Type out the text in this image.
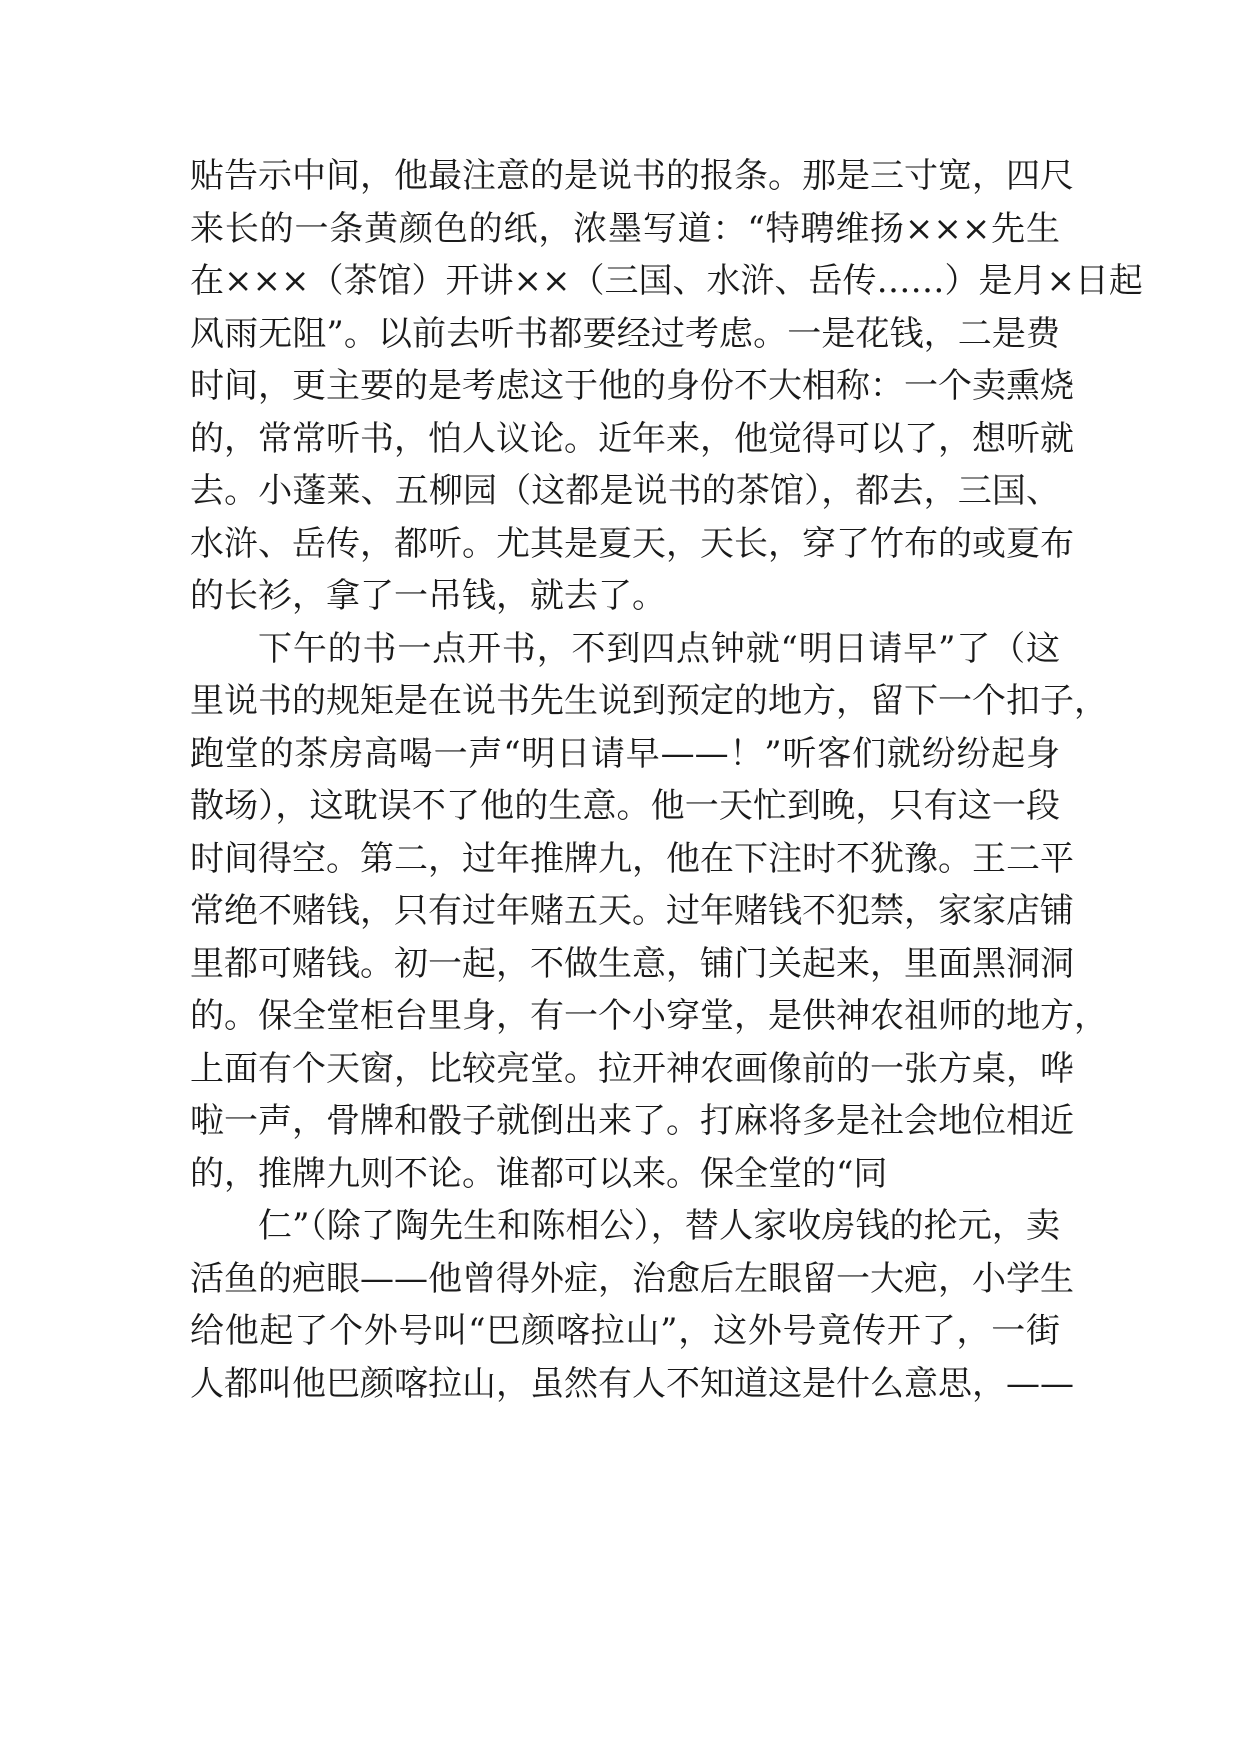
贴告示中间，他最注意的是说书的报条。那是三寸宽，四尺
来长的一条黄颜色的纸，浓墨写道：“特聘维扬×××先生
在×××（茶馆）开讲××（三国、水浒、岳传……）是月×日起
风雨无阻”。以前去听书都要经过考虑。一是花钱，二是费
时间，更主要的是考虑这于他的身份不大相称：一个卖熏烧
的，常常听书，怕人议论。近年来，他觉得可以了，想听就
去。小蓬莱、五柳园（这都是说书的茶馆），都去，三国、
水浒、岳传，都听。尤其是夏天，天长，穿了竹布的或夏布
的长衫，拿了一吊钱，就去了。
下午的书一点开书，不到四点钟就“明日请早”了（这
里说书的规矩是在说书先生说到预定的地方，留下一个扣子，
跑堂的茶房高喝一声“明日请早——！”听客们就纷纷起身
散场），这耽误不了他的生意。他一天忙到晚，只有这一段
时间得空。第二，过年推牌九，他在下注时不犹豫。王二平
常绝不赌钱，只有过年赌五天。过年赌钱不犯禁，家家店铺
里都可赌钱。初一起，不做生意，铺门关起来，里面黑洞洞
的。保全堂柜台里身，有一个小穿堂，是供神农祖师的地方，
上面有个天窗，比较亮堂。拉开神农画像前的一张方桌，哗
啦一声，骨牌和骰子就倒出来了。打麻将多是社会地位相近
的，推牌九则不论。谁都可以来。保全堂的“同
仁”（除了陶先生和陈相公），替人家收房钱的抡元，卖
活鱼的疤眼——他曾得外症，治愈后左眼留一大疤，小学生
给他起了个外号叫“巴颜喀拉山”，这外号竟传开了，一街
人都叫他巴颜喀拉山，虽然有人不知道这是什么意思，——
